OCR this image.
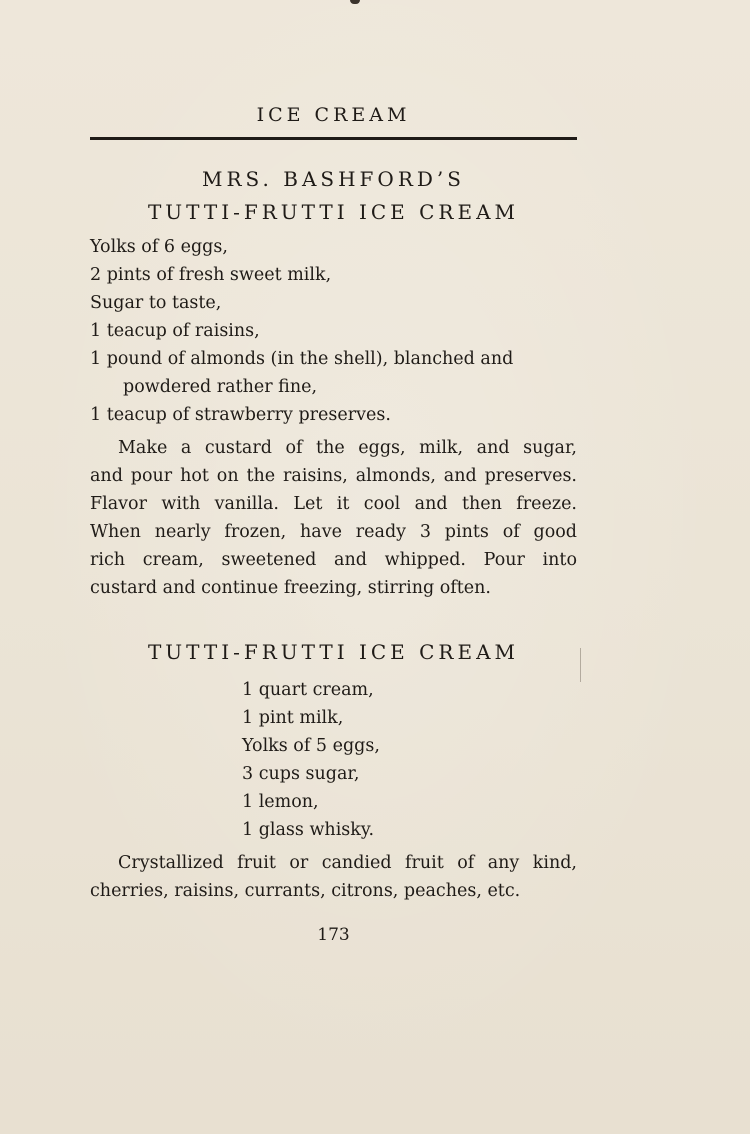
ICE CREAM
MRS. BASHFORD’S
TUTTI-FRUTTI ICE CREAM
Yolks of 6 eggs,
2 pints of fresh sweet milk,
Sugar to taste,
1 teacup of raisins,
1 pound of almonds (in the shell), blanched and
powdered rather fine,
1 teacup of strawberry preserves.
Make a custard of the eggs, milk, and sugar,
and pour hot on the raisins, almonds, and preserves.
Flavor with vanilla. Let it cool and then freeze.
When nearly frozen, have ready 3 pints of good
rich cream, sweetened and whipped. Pour into
custard and continue freezing, stirring often.
TUTTI-FRUTTI ICE CREAM
1 quart cream,
1 pint milk,
Yolks of 5 eggs,
3 cups sugar,
1 lemon,
1 glass whisky.
Crystallized fruit or candied fruit of any kind,
cherries, raisins, currants, citrons, peaches, etc.
173
